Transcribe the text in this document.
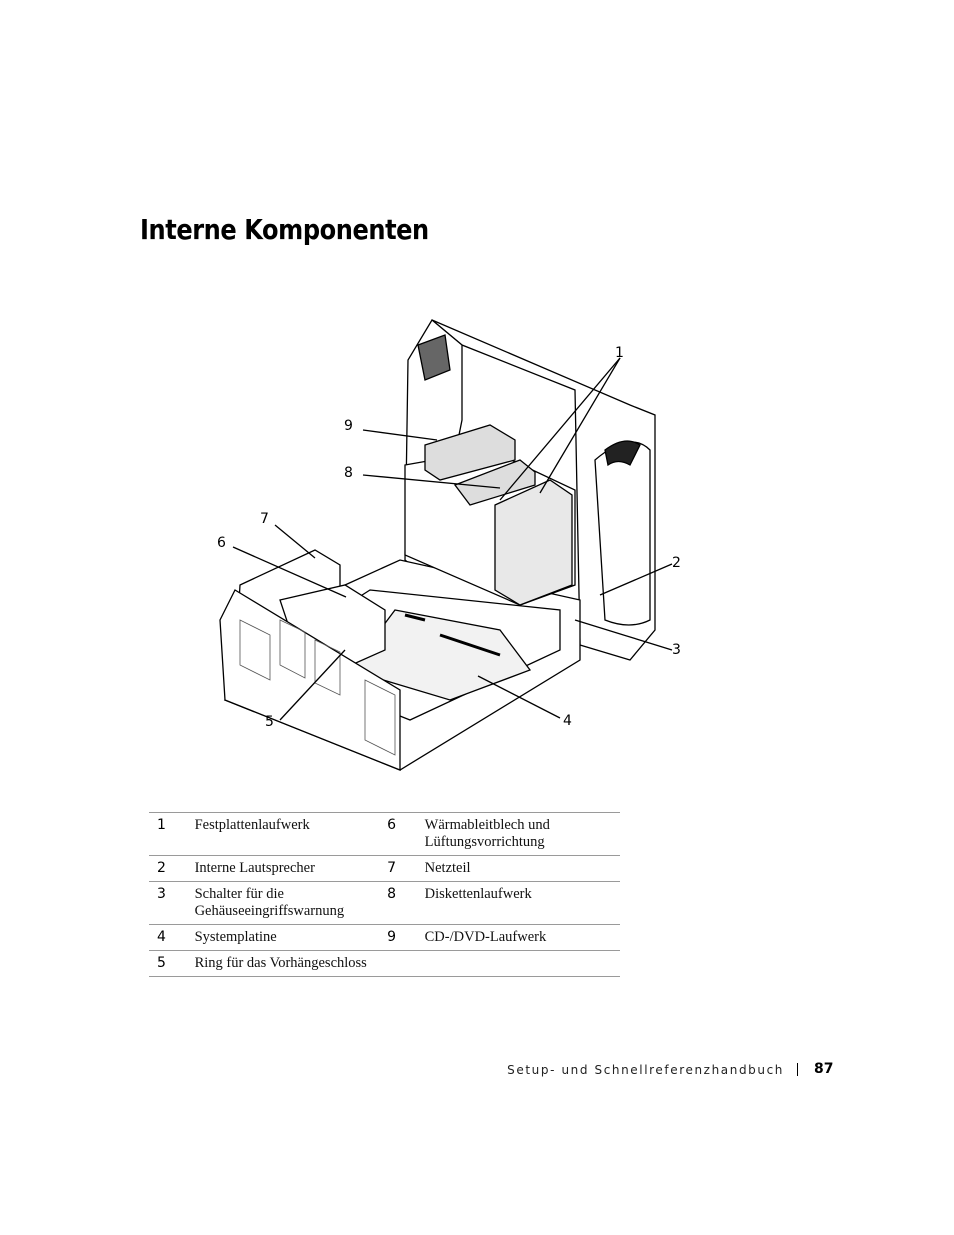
Interne Komponenten
1
2
3
4
5
6
7
8
9
1	Festplattenlaufwerk	6	Wärmableitblech und Lüftungsvorrichtung	
2	Interne Lautsprecher	7	Netzteil	
3	Schalter für die Gehäuseeingriffswarnung	8	Diskettenlaufwerk	
4	Systemplatine	9	CD-/DVD-Laufwerk	
5	Ring für das Vorhängeschloss			
Setup- und Schnellreferenzhandbuch 87
